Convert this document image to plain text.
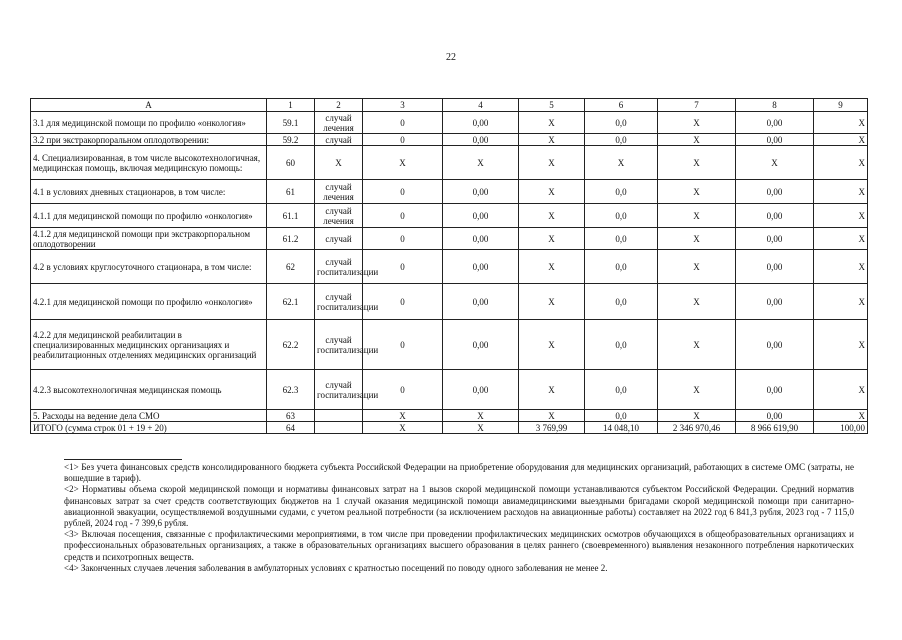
22
А	1	2	3	4	5	6	7	8	9
3.1 для медицинской помощи по профилю «онкология»	59.1	случай лечения	0	0,00	Х	0,0	Х	0,00	Х
3.2 при экстракорпоральном оплодотворении:	59.2	случай	0	0,00	Х	0,0	Х	0,00	Х
4. Специализированная, в том числе высокотехнологичная, медицинская помощь, включая медицинскую помощь:	60	Х	Х	Х	Х	Х	Х	Х	Х
4.1 в условиях дневных стационаров, в том числе:	61	случай лечения	0	0,00	Х	0,0	Х	0,00	Х
4.1.1 для медицинской помощи по профилю «онкология»	61.1	случай лечения	0	0,00	Х	0,0	Х	0,00	Х
4.1.2 для медицинской помощи при экстракорпоральном оплодотворении	61.2	случай	0	0,00	Х	0,0	Х	0,00	Х
4.2 в условиях круглосуточного стационара, в том числе:	62	случай госпитализации	0	0,00	Х	0,0	Х	0,00	Х
4.2.1 для медицинской помощи по профилю «онкология»	62.1	случай госпитализации	0	0,00	Х	0,0	Х	0,00	Х
4.2.2 для медицинской реабилитации в специализированных медицинских организациях и реабилитационных отделениях медицинских организаций	62.2	случай госпитализации	0	0,00	Х	0,0	Х	0,00	Х
4.2.3 высокотехнологичная медицинская помощь	62.3	случай госпитализации	0	0,00	Х	0,0	Х	0,00	Х
5. Расходы на ведение дела СМО	63		Х	Х	Х	0,0	Х	0,00	Х
ИТОГО (сумма строк 01 + 19 + 20)	64		Х	Х	3 769,99	14 048,10	2 346 970,46	8 966 619,90	100,00

<1> Без учета финансовых средств консолидированного бюджета субъекта Российской Федерации на приобретение оборудования для медицинских организаций, работающих в системе ОМС (затраты, не вошедшие в тариф).

<2> Нормативы объема скорой медицинской помощи и нормативы финансовых затрат на 1 вызов скорой медицинской помощи устанавливаются субъектом Российской Федерации. Средний норматив финансовых затрат за счет средств соответствующих бюджетов на 1 случай оказания медицинской помощи авиамедицинскими выездными бригадами скорой медицинской помощи при санитарно-авиационной эвакуации, осуществляемой воздушными судами, с учетом реальной потребности (за исключением расходов на авиационные работы) составляет на 2022 год 6 841,3 рубля, 2023 год - 7 115,0 рублей, 2024 год - 7 399,6 рубля.

<3> Включая посещения, связанные с профилактическими мероприятиями, в том числе при проведении профилактических медицинских осмотров обучающихся в общеобразовательных организациях и профессиональных образовательных организациях, а также в образовательных организациях высшего образования в целях раннего (своевременного) выявления незаконного потребления наркотических средств и психотропных веществ.

<4> Законченных случаев лечения заболевания в амбулаторных условиях с кратностью посещений по поводу одного заболевания не менее 2.
